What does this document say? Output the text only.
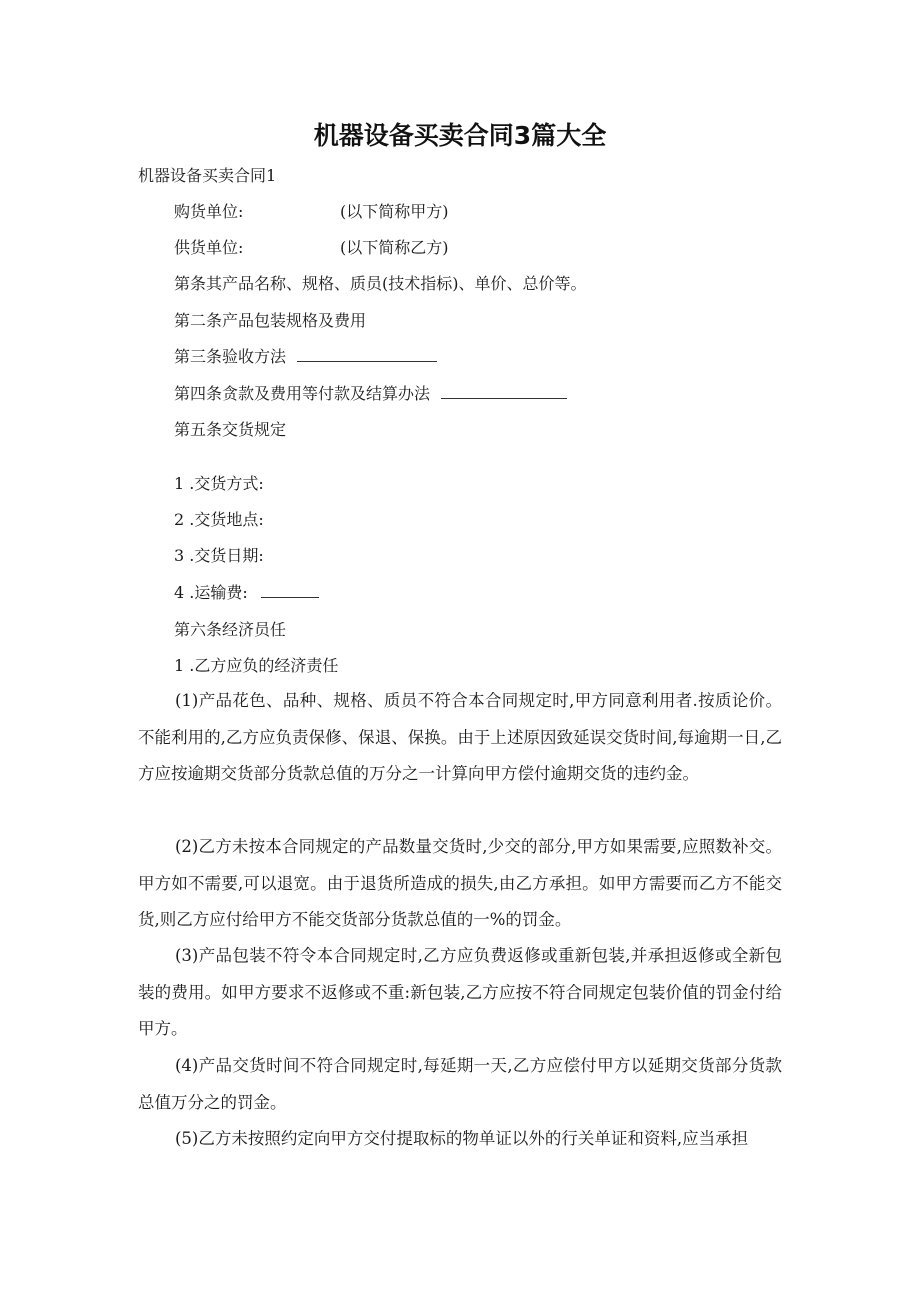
机器设备买卖合同3篇大全
机器设备买卖合同1
购货单位:	(以下简称甲方)
供货单位:	(以下简称乙方)
第条其产品名称、规格、质员(技术指标)、单价、总价等。
第二条产品包装规格及费用
第三条验收方法
第四条贪款及费用等付款及结算办法
第五条交货规定
1 .交货方式:
2 .交货地点:
3 .交货日期:
4 .运输费:
第六条经济员任
1 .乙方应负的经济责任
(1)产品花色、品种、规格、质员不符合本合同规定时,甲方同意利用者.按质论价。不能利用的,乙方应负责保修、保退、保换。由于上述原因致延误交货时间,每逾期一日,乙方应按逾期交货部分货款总值的万分之一计算向甲方偿付逾期交货的违约金。
(2)乙方未按本合同规定的产品数量交货时,少交的部分,甲方如果需要,应照数补交。甲方如不需要,可以退宽。由于退货所造成的损失,由乙方承担。如甲方需要而乙方不能交货,则乙方应付给甲方不能交货部分货款总值的一%的罚金。
(3)产品包装不符令本合同规定时,乙方应负费返修或重新包装,并承担返修或全新包装的费用。如甲方要求不返修或不重:新包装,乙方应按不符合同规定包装价值的罚金付给甲方。
(4)产品交货时间不符合同规定时,每延期一天,乙方应偿付甲方以延期交货部分货款总值万分之的罚金。
(5)乙方未按照约定向甲方交付提取标的物单证以外的行关单证和资料,应当承担
